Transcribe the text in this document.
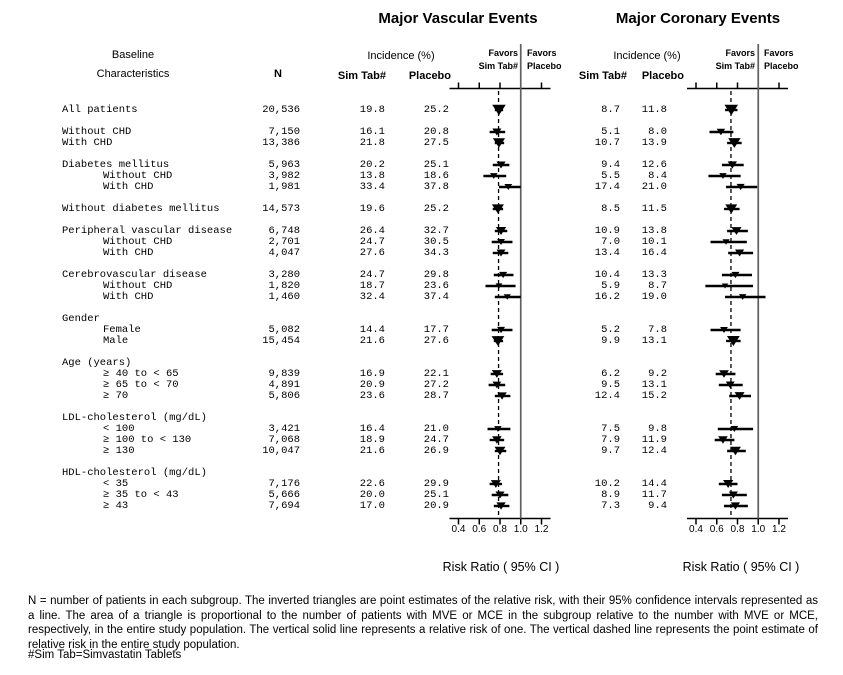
Major Vascular Events	Major Coronary Events
Baseline
Characteristics	N
Incidence (%)
Sim Tab#	Placebo
Incidence (%)
Sim Tab#	Placebo
Favors
Sim Tab#
Favors
Placebo
Favors
Sim Tab#
Favors
Placebo
All patients	20,536	19.8	25.2	8.7	11.8
Without CHD	7,150	16.1	20.8	5.1	8.0
With CHD	13,386	21.8	27.5	10.7	13.9
Diabetes mellitus	5,963	20.2	25.1	9.4	12.6
Without CHD	3,982	13.8	18.6	5.5	8.4
With CHD	1,981	33.4	37.8	17.4	21.0
Without diabetes mellitus	14,573	19.6	25.2	8.5	11.5
Peripheral vascular disease	6,748	26.4	32.7	10.9	13.8
Without CHD	2,701	24.7	30.5	7.0	10.1
With CHD	4,047	27.6	34.3	13.4	16.4
Cerebrovascular disease	3,280	24.7	29.8	10.4	13.3
Without CHD	1,820	18.7	23.6	5.9	8.7
With CHD	1,460	32.4	37.4	16.2	19.0
Gender
Female	5,082	14.4	17.7	5.2	7.8
Male	15,454	21.6	27.6	9.9	13.1
Age (years)
≥ 40 to < 65	9,839	16.9	22.1	6.2	9.2
≥ 65 to < 70	4,891	20.9	27.2	9.5	13.1
≥ 70	5,806	23.6	28.7	12.4	15.2
LDL-cholesterol (mg/dL)
< 100	3,421	16.4	21.0	7.5	9.8
≥ 100 to < 130	7,068	18.9	24.7	7.9	11.9
≥ 130	10,047	21.6	26.9	9.7	12.4
HDL-cholesterol (mg/dL)
< 35	7,176	22.6	29.9	10.2	14.4
≥ 35 to < 43	5,666	20.0	25.1	8.9	11.7
≥ 43	7,694	17.0	20.9	7.3	9.4
0.4 0.6 0.8 1.0 1.2	0.4 0.6 0.8 1.0 1.2
Risk Ratio ( 95% CI )	Risk Ratio ( 95% CI )
N = number of patients in each subgroup. The inverted triangles are point estimates of the relative risk, with their 95% confidence intervals represented as a line. The area of a triangle is proportional to the number of patients with MVE or MCE in the subgroup relative to the number with MVE or MCE, respectively, in the entire study population. The vertical solid line represents a relative risk of one. The vertical dashed line represents the point estimate of relative risk in the entire study population.
#Sim Tab=Simvastatin Tablets
